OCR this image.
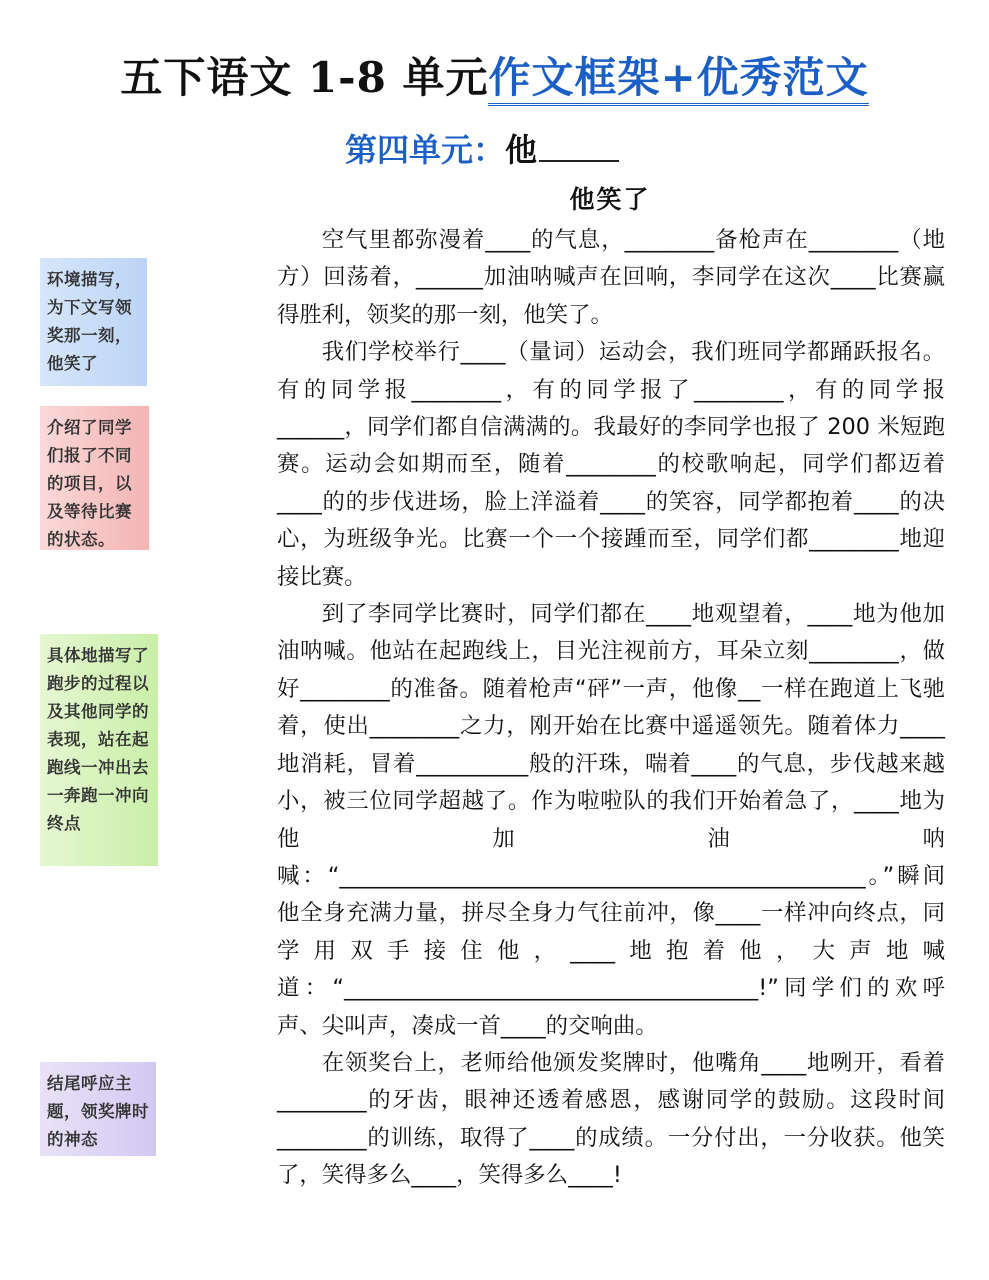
五下语文 1-8 单元作文框架+优秀范文
第四单元：他
他笑了

空气里都弥漫着____的气息，________备枪声在________（地方）回荡着，______加油呐喊声在回响，李同学在这次____比赛赢得胜利，领奖的那一刻，他笑了。

我们学校举行____（量词）运动会，我们班同学都踊跃报名。有的同学报________，有的同学报了________，有的同学报______，同学们都自信满满的。我最好的李同学也报了 200 米短跑赛。运动会如期而至，随着________的校歌响起，同学们都迈着____的的步伐进场，脸上洋溢着____的笑容，同学都抱着____的决心，为班级争光。比赛一个一个接踵而至，同学们都________地迎接比赛。

到了李同学比赛时，同学们都在____地观望着，____地为他加油呐喊。他站在起跑线上，目光注视前方，耳朵立刻________，做好________的准备。随着枪声“砰”一声，他像__一样在跑道上飞驰着，使出________之力，刚开始在比赛中遥遥领先。随着体力____地消耗，冒着__________般的汗珠，喘着____的气息，步伐越来越小，被三位同学超越了。作为啦啦队的我们开始着急了，____地为他加油呐喊：“_______________________________________________。”瞬间他全身充满力量，拼尽全身力气往前冲，像____一样冲向终点，同学用双手接住他，____地抱着他，大声地喊道：“_____________________________________!”同学们的欢呼声、尖叫声，凑成一首____的交响曲。

在领奖台上，老师给他颁发奖牌时，他嘴角____地咧开，看着________的牙齿，眼神还透着感恩，感谢同学的鼓励。这段时间________的训练，取得了____的成绩。一分付出，一分收获。他笑了，笑得多么____，笑得多么____!

环境描写，为下文写领奖那一刻，他笑了
介绍了同学们报了不同的项目，以及等待比赛的状态。
具体地描写了跑步的过程以及其他同学的表现，站在起跑线一冲出去一奔跑一冲向终点
结尾呼应主题，领奖牌时的神态
